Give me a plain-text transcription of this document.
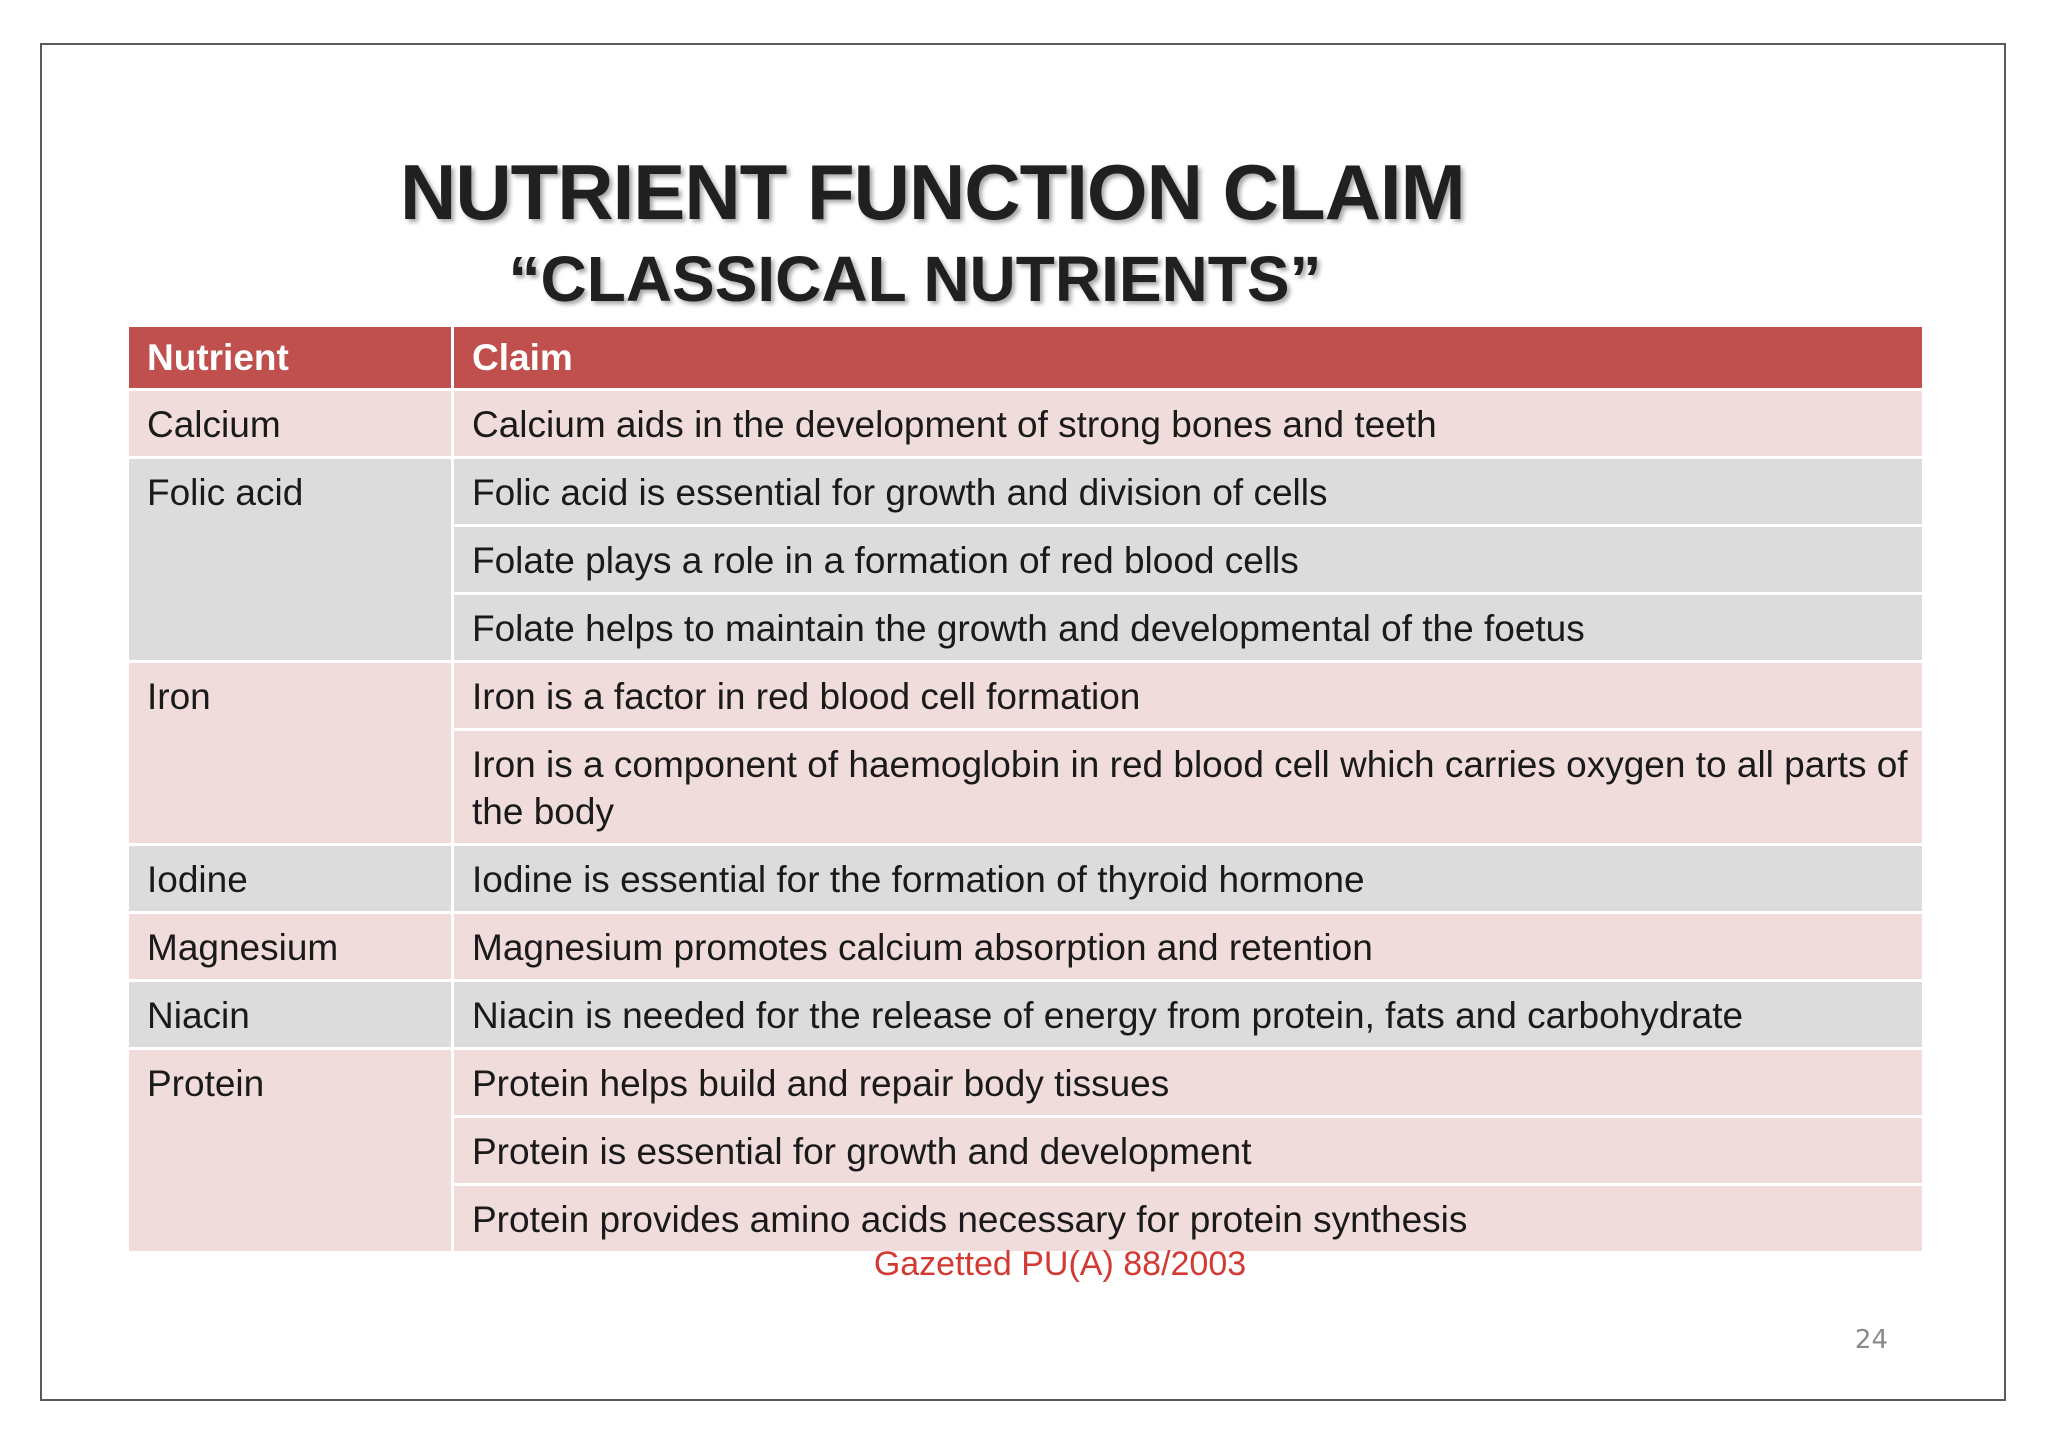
NUTRIENT FUNCTION CLAIM
“CLASSICAL NUTRIENTS”
Nutrient	Claim
Calcium	Calcium aids in the development of strong bones and teeth
Folic acid	Folic acid is essential for growth and division of cells
	Folate plays a role in a formation of red blood cells
	Folate helps to maintain the growth and developmental of the foetus
Iron	Iron is a factor in red blood cell formation
	Iron is a component of haemoglobin in red blood cell which carries oxygen to all parts of the body
Iodine	Iodine is essential for the formation of thyroid hormone
Magnesium	Magnesium promotes calcium absorption and retention
Niacin	Niacin is needed for the release of energy from protein, fats and carbohydrate
Protein	Protein helps build and repair body tissues
	Protein is essential for growth and development
	Protein provides amino acids necessary for protein synthesis
Gazetted PU(A) 88/2003
24
